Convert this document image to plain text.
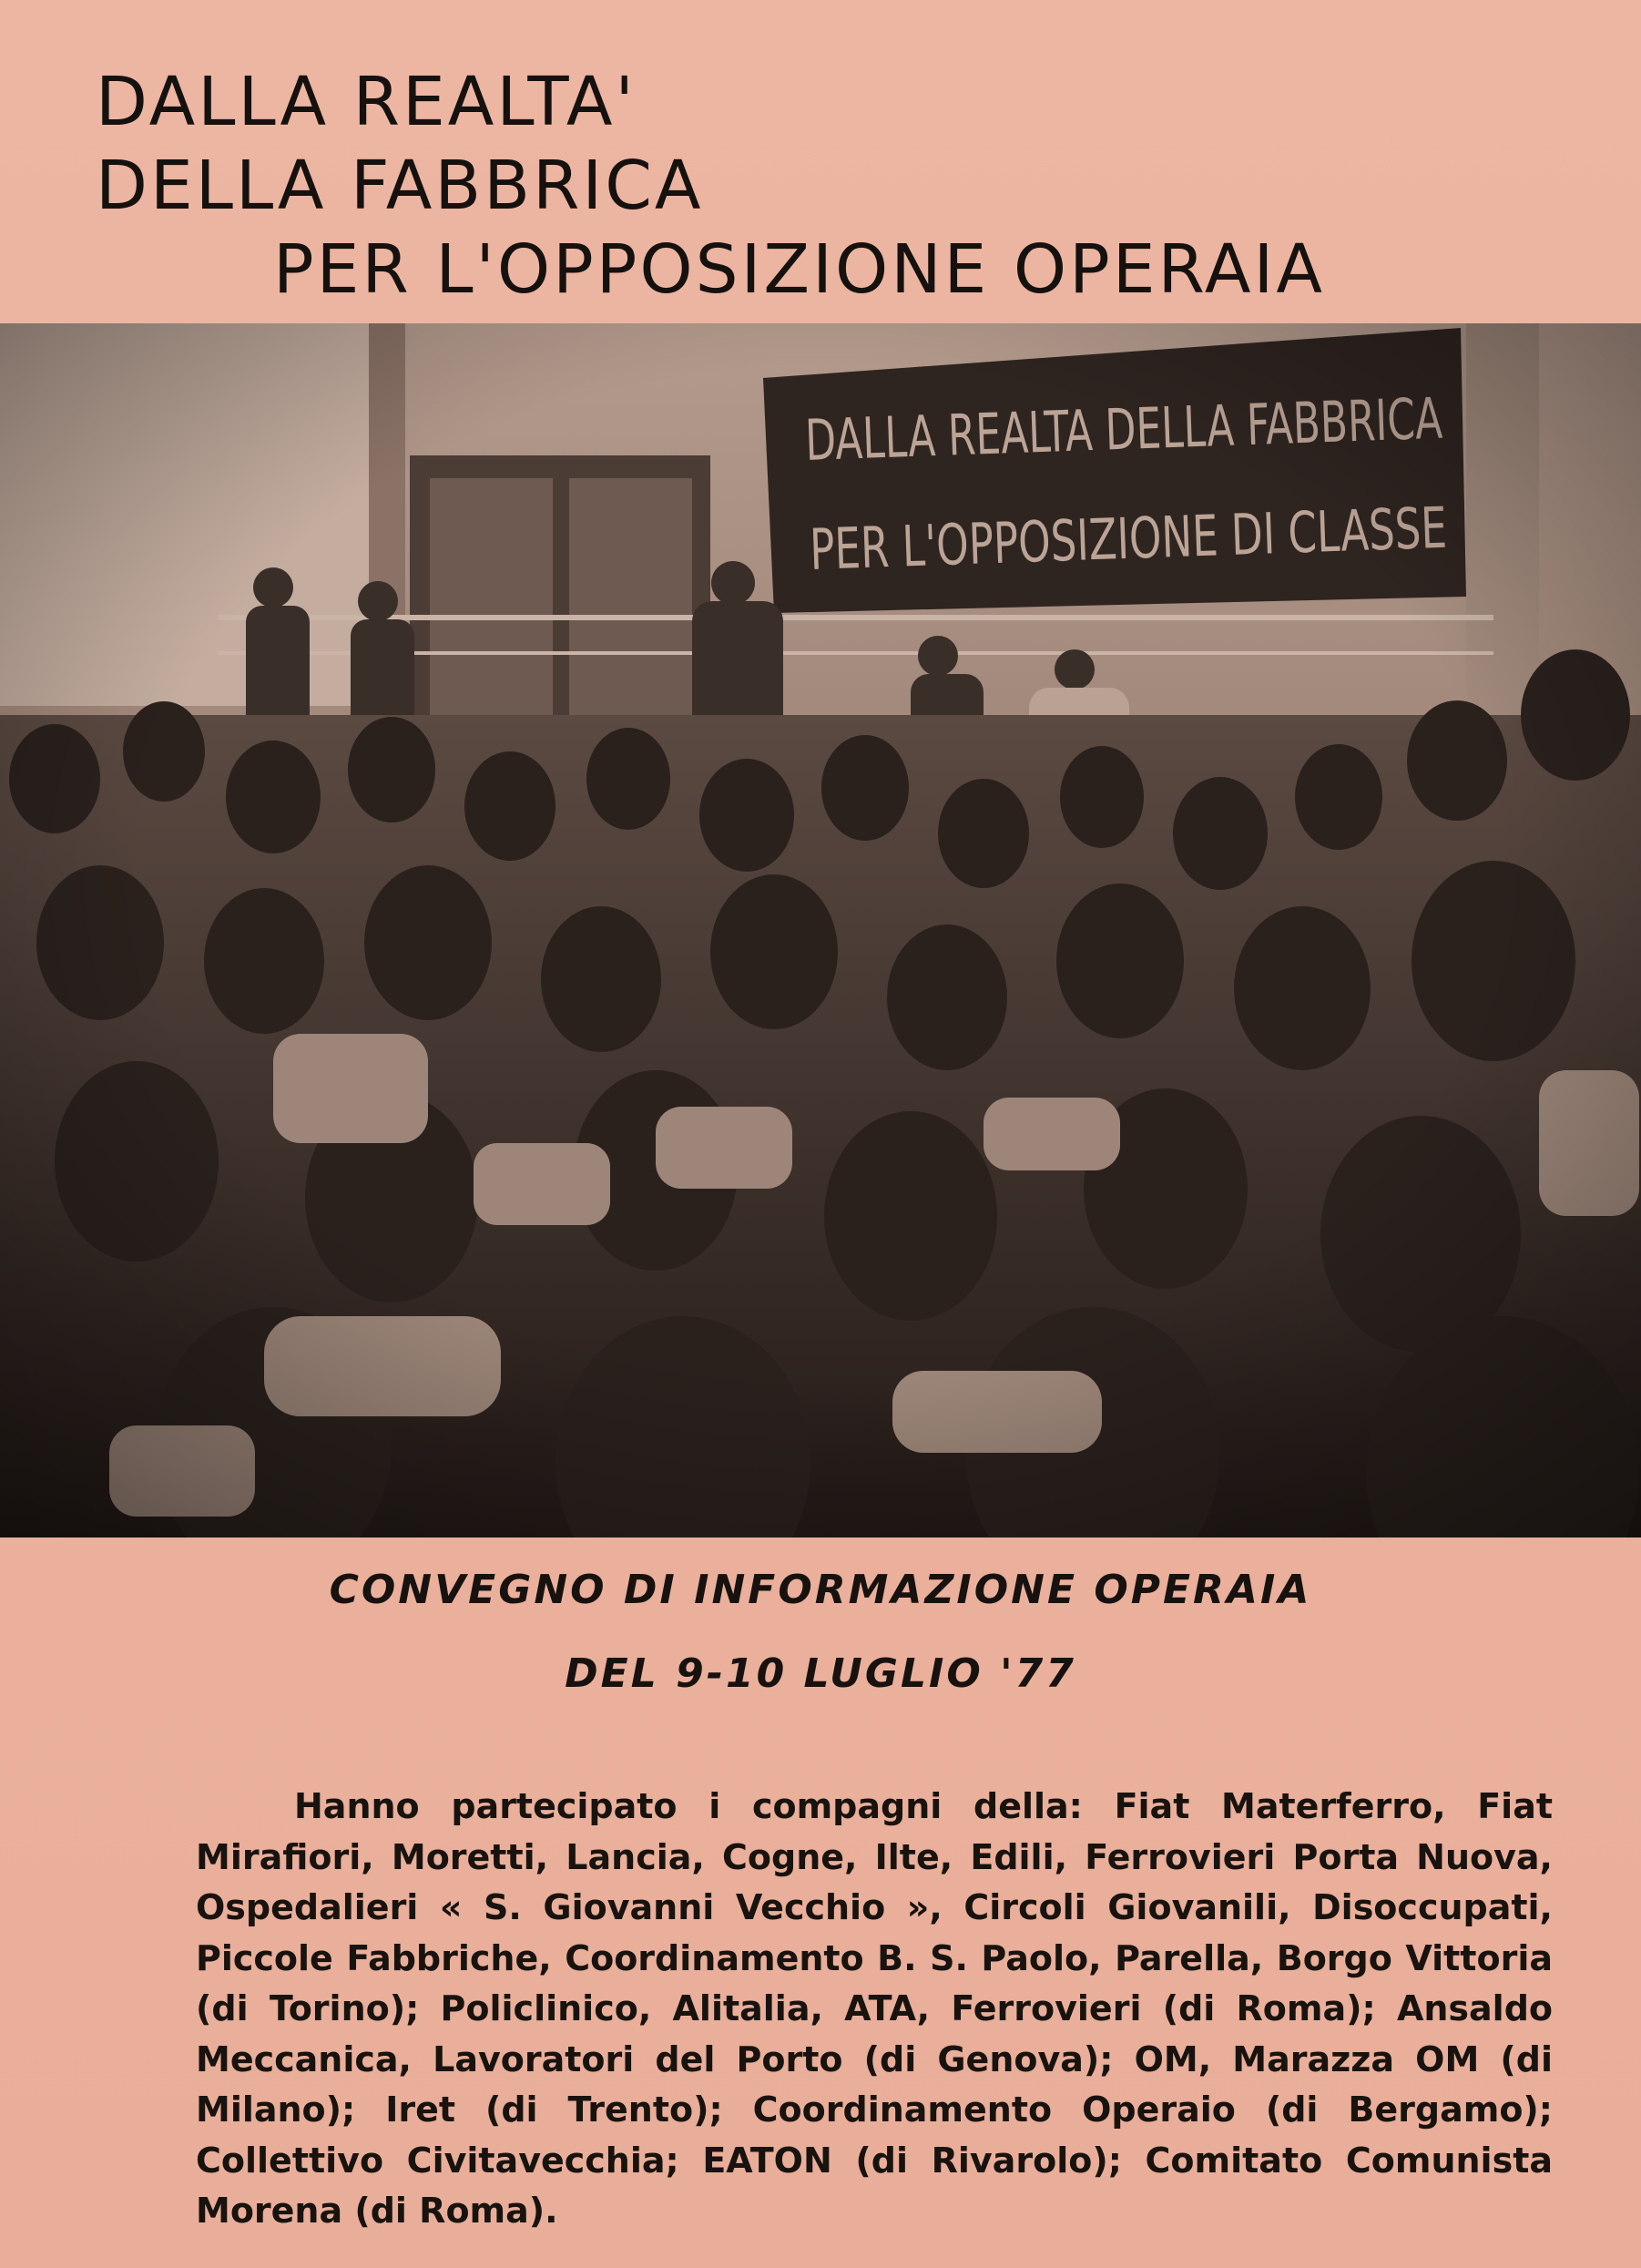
DALLA REALTA'
DELLA FABBRICA
PER L'OPPOSIZIONE OPERAIA
CONVEGNO DI INFORMAZIONE OPERAIA
DEL 9-10 LUGLIO '77

Hanno partecipato i compagni della: Fiat Materferro, Fiat Mirafiori, Moretti, Lancia, Cogne, Ilte, Edili, Ferrovieri Porta Nuova, Ospedalieri « S. Giovanni Vecchio », Circoli Giovanili, Disoccupati, Piccole Fabbriche, Coordinamento B. S. Paolo, Parella, Borgo Vittoria (di Torino); Policlinico, Alitalia, ATA, Ferrovieri (di Roma); Ansaldo Meccanica, Lavoratori del Porto (di Genova); OM, Marazza OM (di Milano); Iret (di Trento); Coordinamento Operaio (di Bergamo); Collettivo Civitavecchia; EATON (di Rivarolo); Comitato Comunista Morena (di Roma).
